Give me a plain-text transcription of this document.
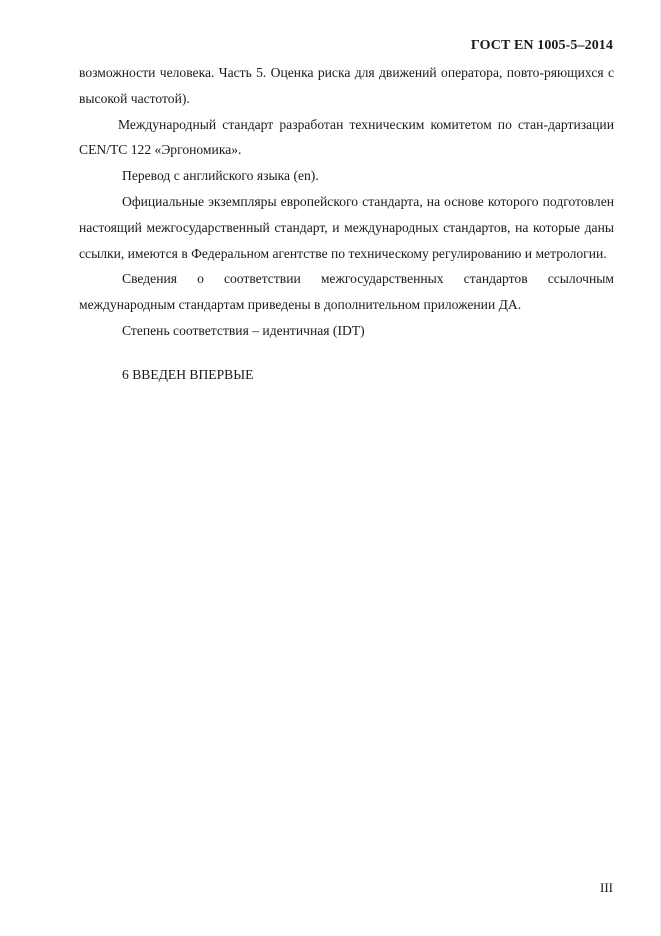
ГОСТ EN 1005-5–2014

возможности человека. Часть 5. Оценка риска для движений оператора, повто-ряющихся с высокой частотой).

Международный стандарт разработан техническим комитетом по стан-дартизации CEN/TC 122 «Эргономика».

Перевод с английского языка (en).

Официальные экземпляры европейского стандарта, на основе которого подготовлен настоящий межгосударственный стандарт, и международных стандартов, на которые даны ссылки, имеются в Федеральном агентстве по техническому регулированию и метрологии.

Сведения о соответствии межгосударственных стандартов ссылочным международным стандартам приведены в дополнительном приложении ДА.

Степень соответствия – идентичная (IDT)

6 ВВЕДЕН ВПЕРВЫЕ

III
